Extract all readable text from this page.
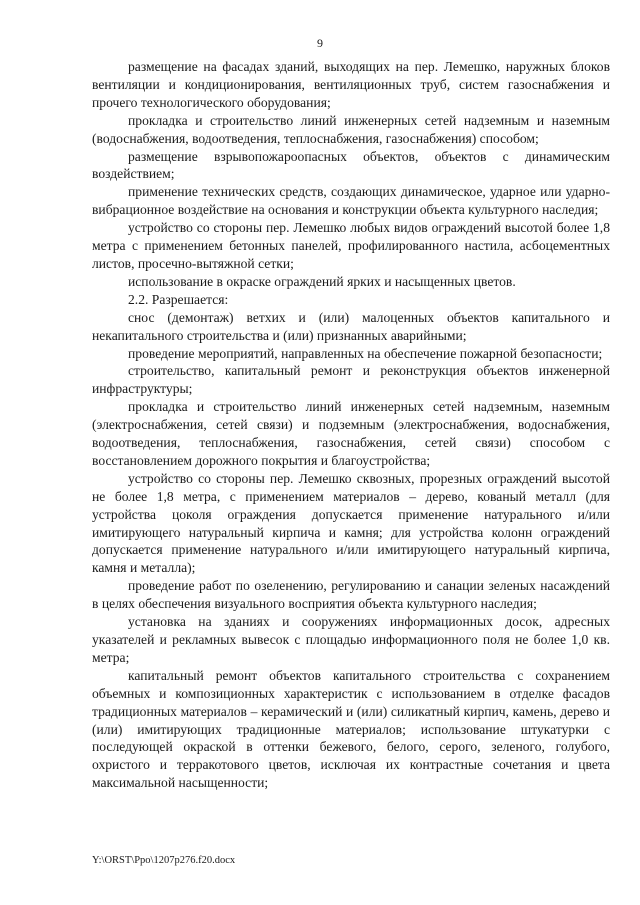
9

размещение на фасадах зданий, выходящих на пер. Лемешко, наружных блоков вентиляции и кондиционирования, вентиляционных труб, систем газоснабжения и прочего технологического оборудования;

прокладка и строительство линий инженерных сетей надземным и наземным (водоснабжения, водоотведения, теплоснабжения, газоснабжения) способом;

размещение взрывопожароопасных объектов, объектов с динамическим воздействием;

применение технических средств, создающих динамическое, ударное или ударно-вибрационное воздействие на основания и конструкции объекта культурного наследия;

устройство со стороны пер. Лемешко любых видов ограждений высотой более 1,8 метра с применением бетонных панелей, профилированного настила, асбоцементных листов, просечно-вытяжной сетки;

использование в окраске ограждений ярких и насыщенных цветов.

2.2. Разрешается:

снос (демонтаж) ветхих и (или) малоценных объектов капитального и некапитального строительства и (или) признанных аварийными;

проведение мероприятий, направленных на обеспечение пожарной безопасности;

строительство, капитальный ремонт и реконструкция объектов инженерной инфраструктуры;

прокладка и строительство линий инженерных сетей надземным, наземным (электроснабжения, сетей связи) и подземным (электроснабжения, водоснабжения, водоотведения, теплоснабжения, газоснабжения, сетей связи) способом с восстановлением дорожного покрытия и благоустройства;

устройство со стороны пер. Лемешко сквозных, прорезных ограждений высотой не более 1,8 метра, с применением материалов – дерево, кованый металл (для устройства цоколя ограждения допускается применение натурального и/или имитирующего натуральный кирпича и камня; для устройства колонн ограждений допускается применение натурального и/или имитирующего натуральный кирпича, камня и металла);

проведение работ по озеленению, регулированию и санации зеленых насаждений в целях обеспечения визуального восприятия объекта культурного наследия;

установка на зданиях и сооружениях информационных досок, адресных указателей и рекламных вывесок с площадью информационного поля не более 1,0 кв. метра;

капитальный ремонт объектов капитального строительства с сохранением объемных и композиционных характеристик с использованием в отделке фасадов традиционных материалов – керамический и (или) силикатный кирпич, камень, дерево и (или) имитирующих традиционные материалов; использование штукатурки с последующей окраской в оттенки бежевого, белого, серого, зеленого, голубого, охристого и терракотового цветов, исключая их контрастные сочетания и цвета максимальной насыщенности;

Y:\ORST\Ppo\1207p276.f20.docx
